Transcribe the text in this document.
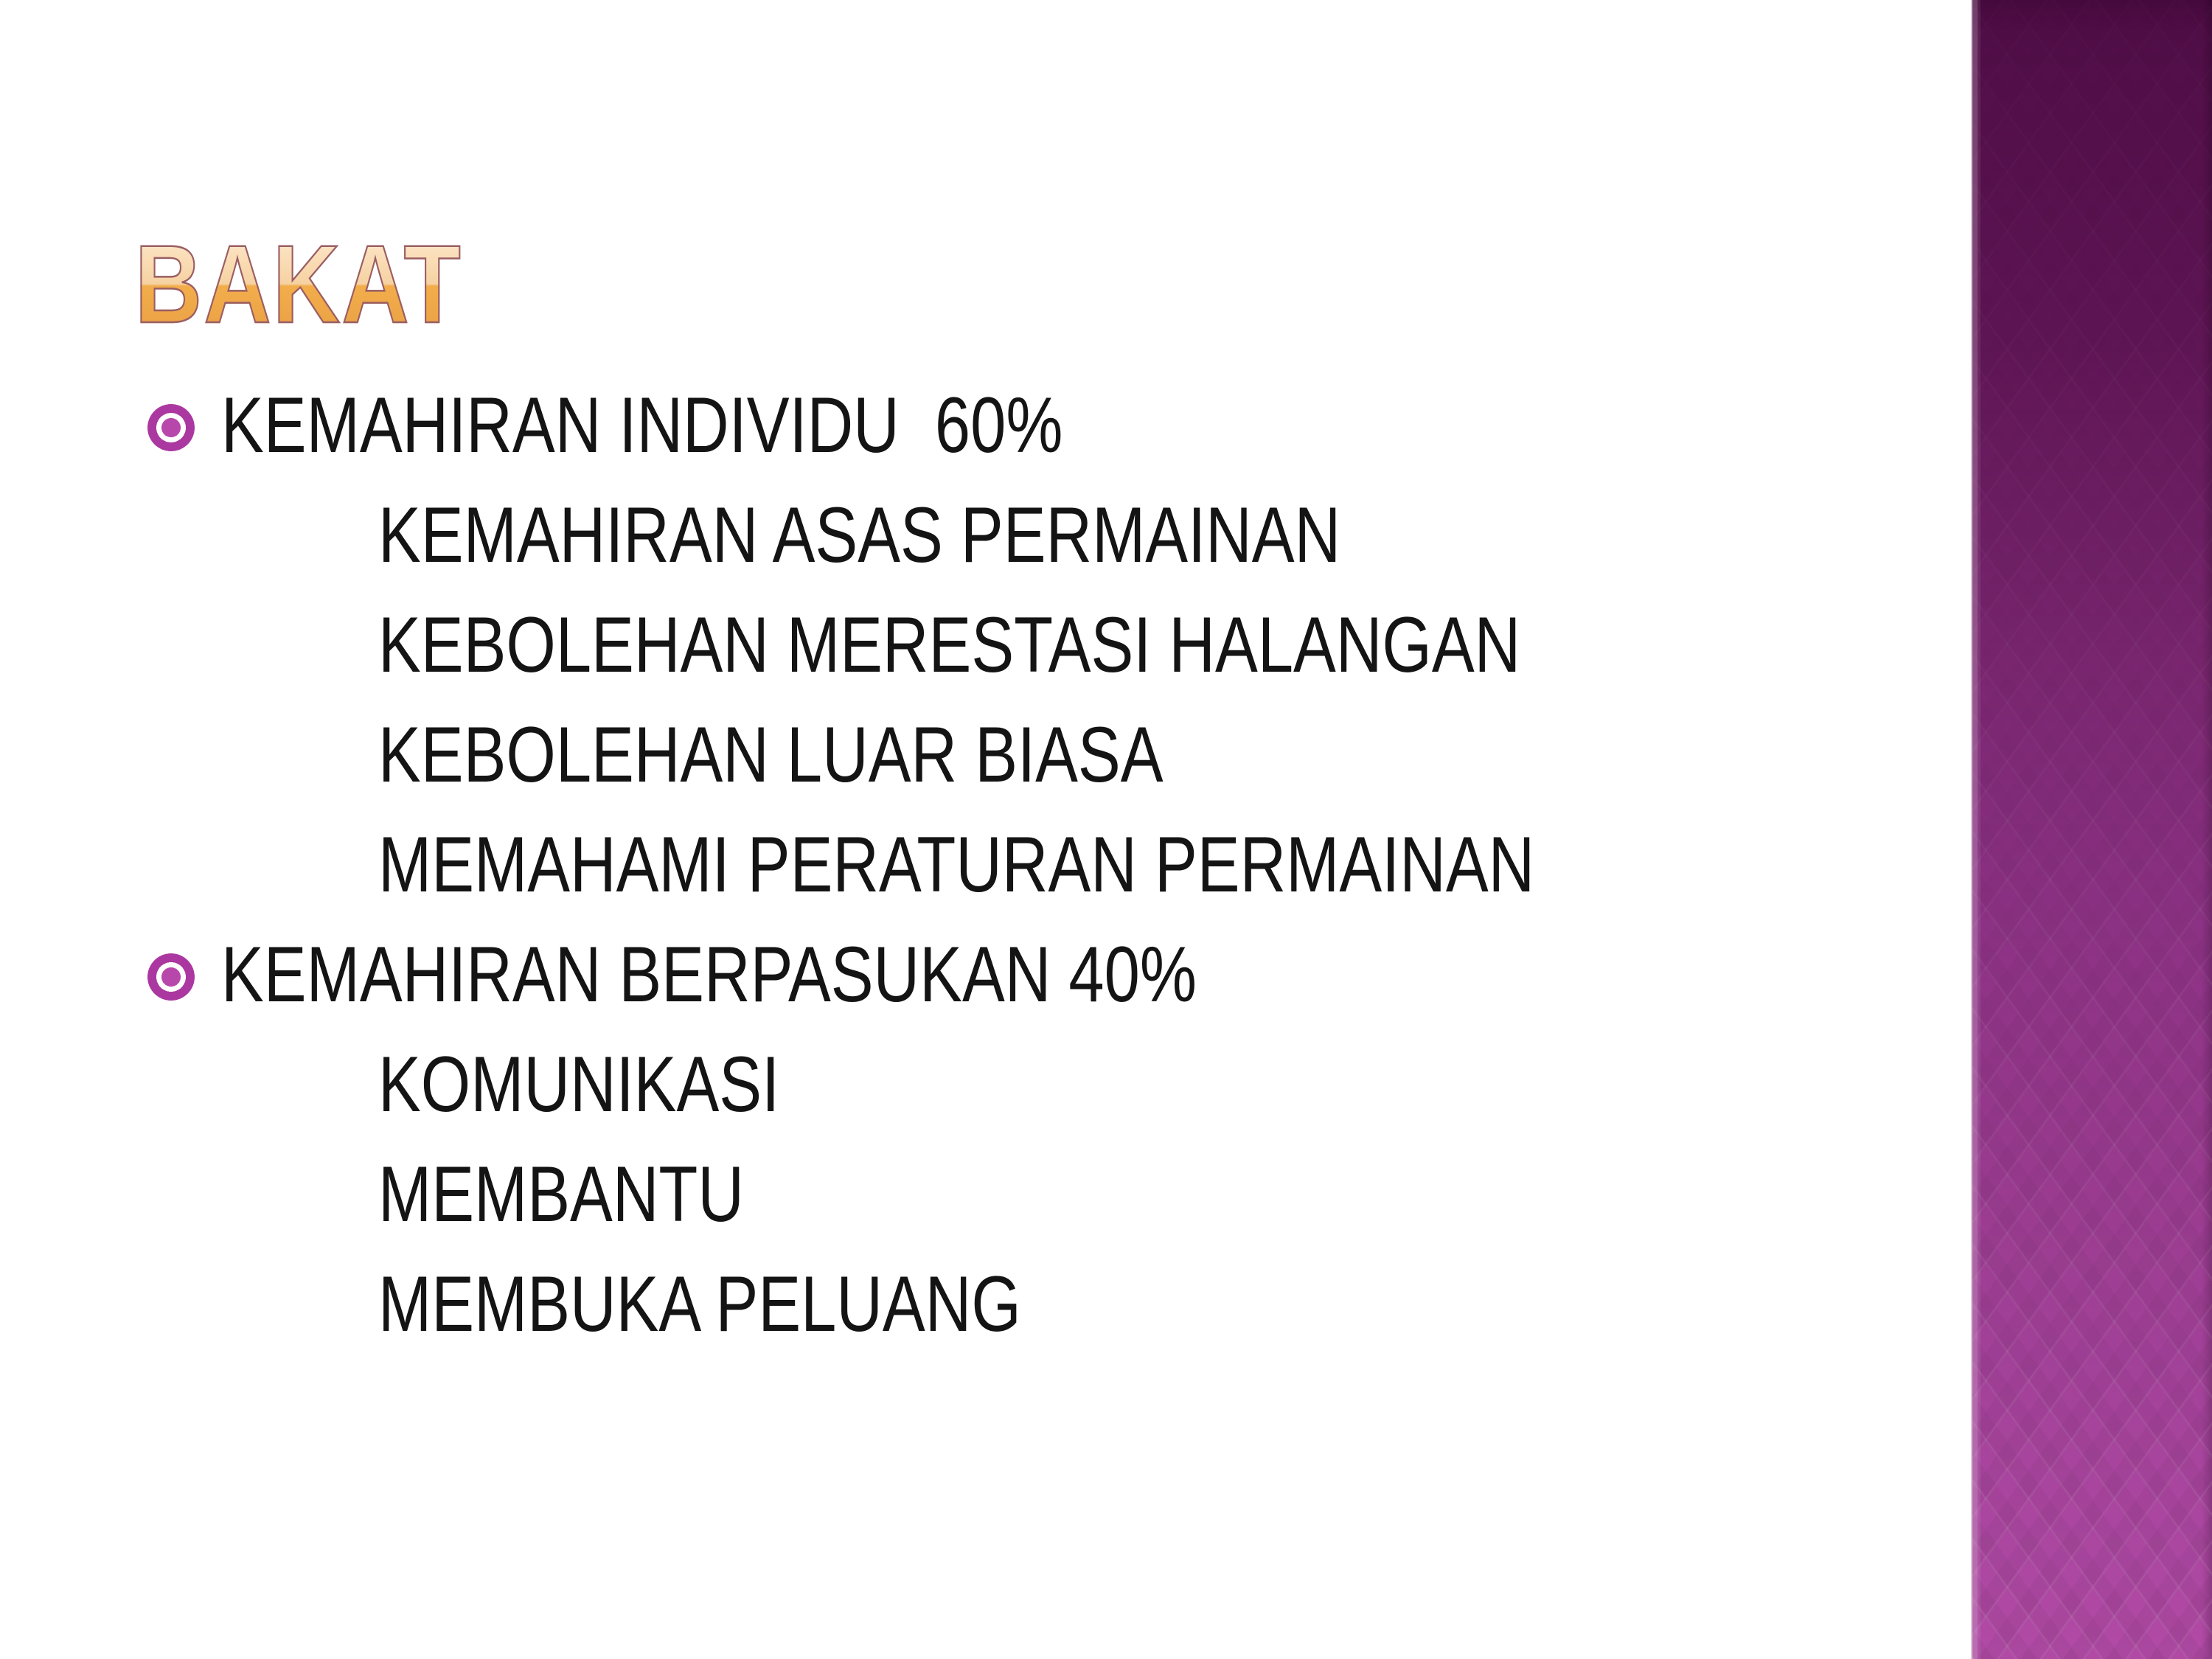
BAKAT
KEMAHIRAN INDIVIDU  60%
KEMAHIRAN ASAS PERMAINAN
KEBOLEHAN MERESTASI HALANGAN
KEBOLEHAN LUAR BIASA
MEMAHAMI PERATURAN PERMAINAN
KEMAHIRAN BERPASUKAN 40%
KOMUNIKASI
MEMBANTU
MEMBUKA PELUANG
